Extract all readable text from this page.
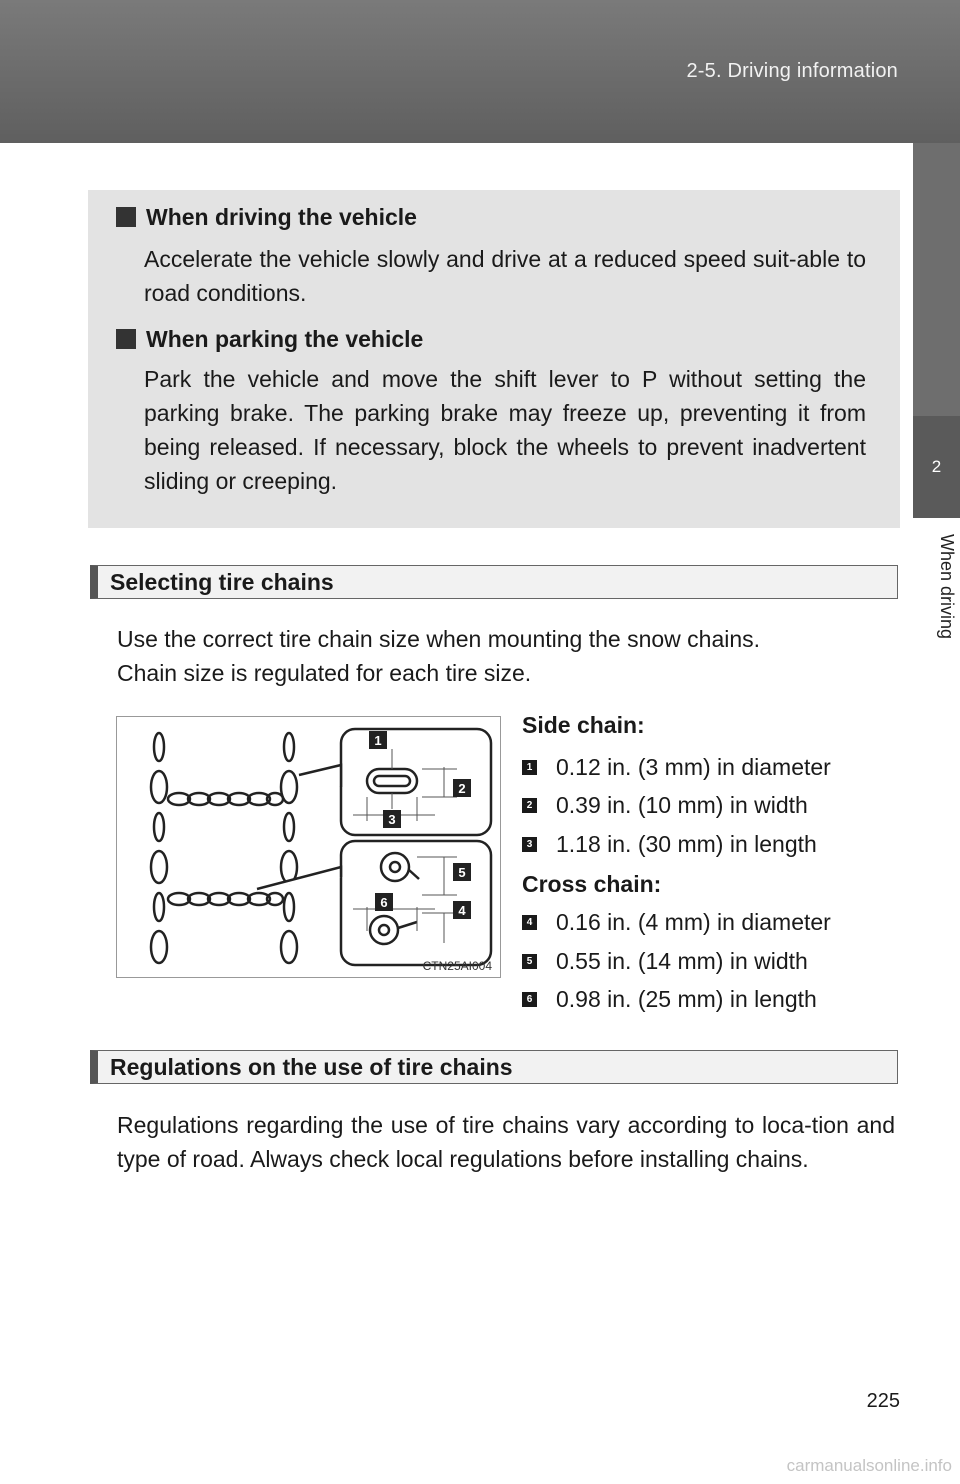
2-5. Driving information
2
When driving
When driving the vehicle
Accelerate the vehicle slowly and drive at a reduced speed suit-able to road conditions.
When parking the vehicle
Park the vehicle and move the shift lever to P without setting the parking brake. The parking brake may freeze up, preventing it from being released. If necessary, block the wheels to prevent inadvertent sliding or creeping.
Selecting tire chains
Use the correct tire chain size when mounting the snow chains.
Chain size is regulated for each tire size.
1
2
3
4
5
6
CTN25AI004
Side chain:
1 0.12 in. (3 mm) in diameter
2 0.39 in. (10 mm) in width
3 1.18 in. (30 mm) in length
Cross chain:
4 0.16 in. (4 mm) in diameter
5 0.55 in. (14 mm) in width
6 0.98 in. (25 mm) in length
Regulations on the use of tire chains
Regulations regarding the use of tire chains vary according to loca-tion and type of road. Always check local regulations before installing chains.
225
carmanualsonline.info
